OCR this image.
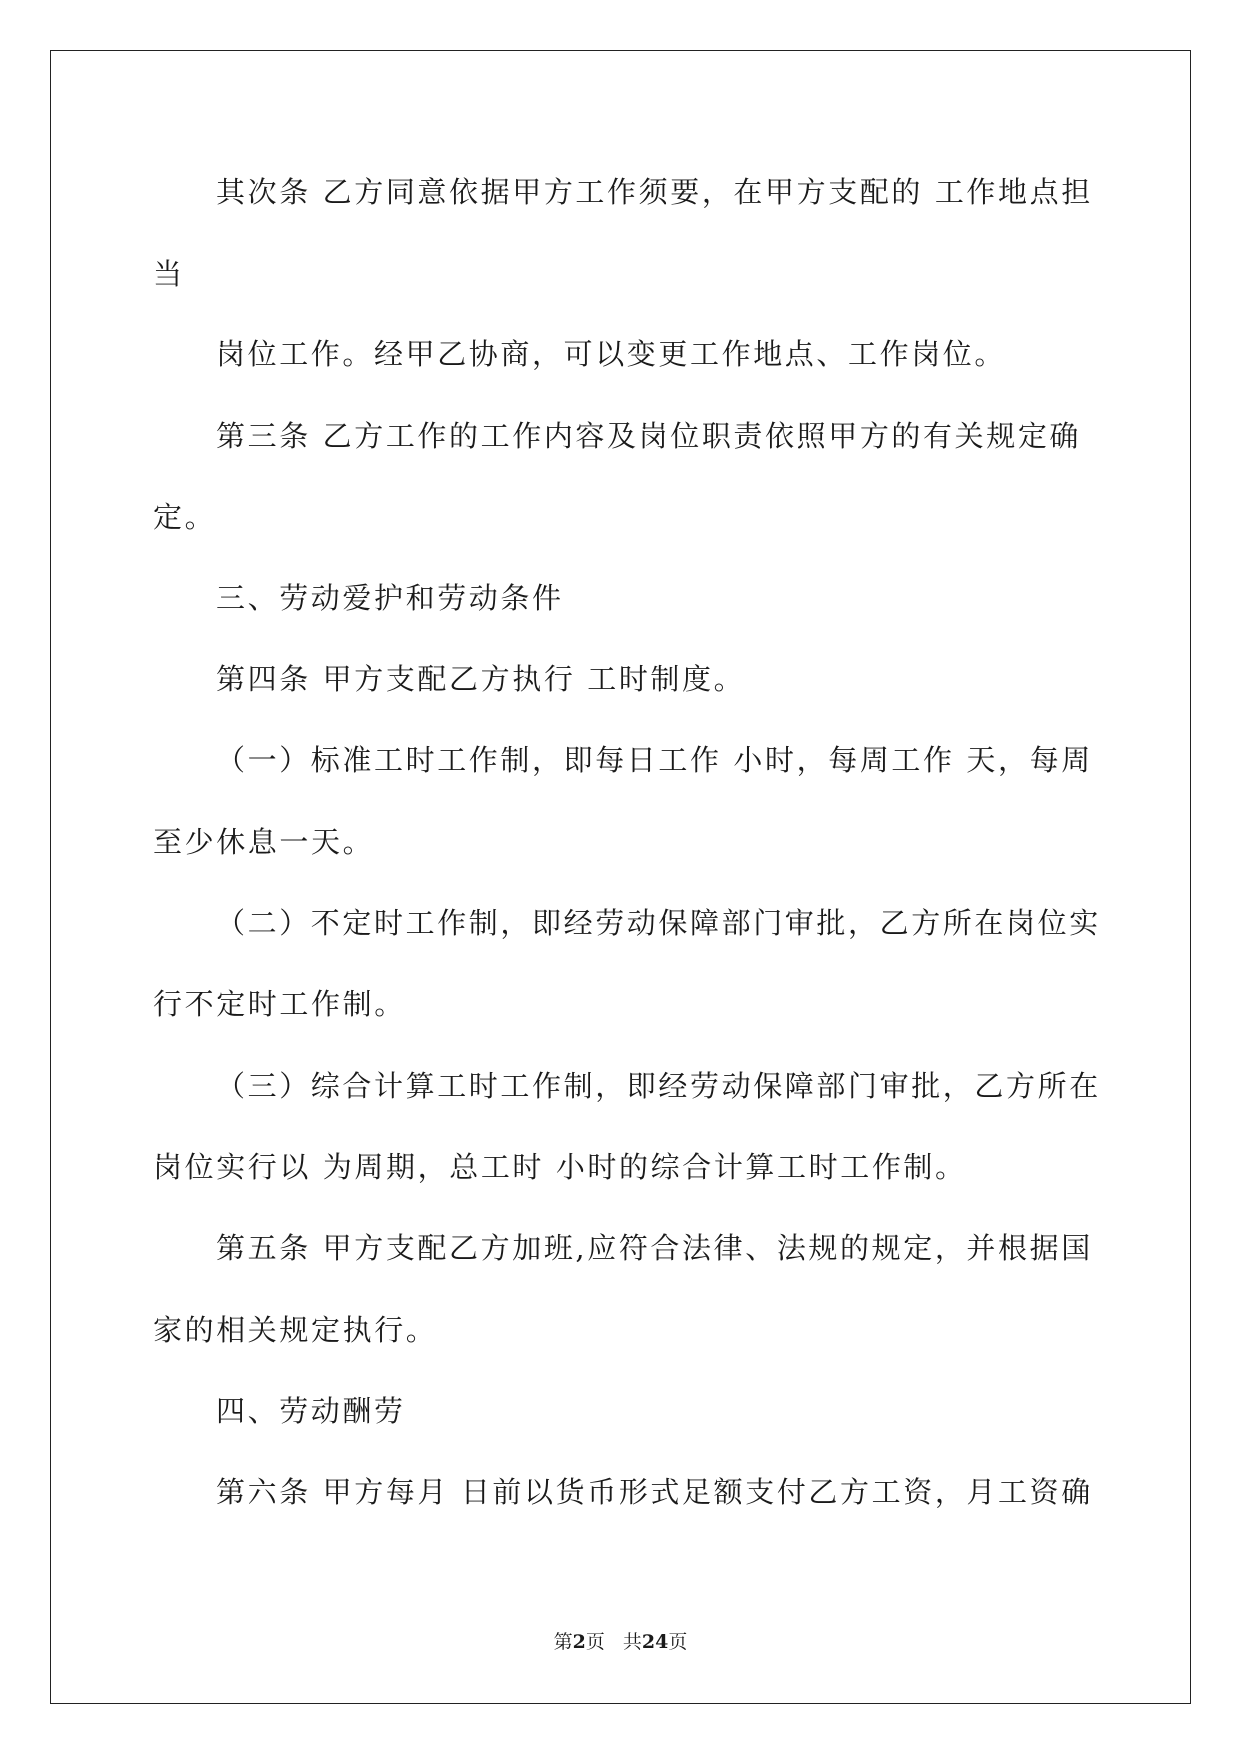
其次条 乙方同意依据甲方工作须要，在甲方支配的 工作地点担
当
岗位工作。经甲乙协商，可以变更工作地点、工作岗位。
第三条 乙方工作的工作内容及岗位职责依照甲方的有关规定确
定。
三、劳动爱护和劳动条件
第四条 甲方支配乙方执行 工时制度。
（一）标准工时工作制，即每日工作 小时，每周工作 天，每周
至少休息一天。
（二）不定时工作制，即经劳动保障部门审批，乙方所在岗位实
行不定时工作制。
（三）综合计算工时工作制，即经劳动保障部门审批，乙方所在
岗位实行以 为周期，总工时 小时的综合计算工时工作制。
第五条 甲方支配乙方加班,应符合法律、法规的规定，并根据国
家的相关规定执行。
四、劳动酬劳
第六条 甲方每月 日前以货币形式足额支付乙方工资，月工资确
第2页 共24页
